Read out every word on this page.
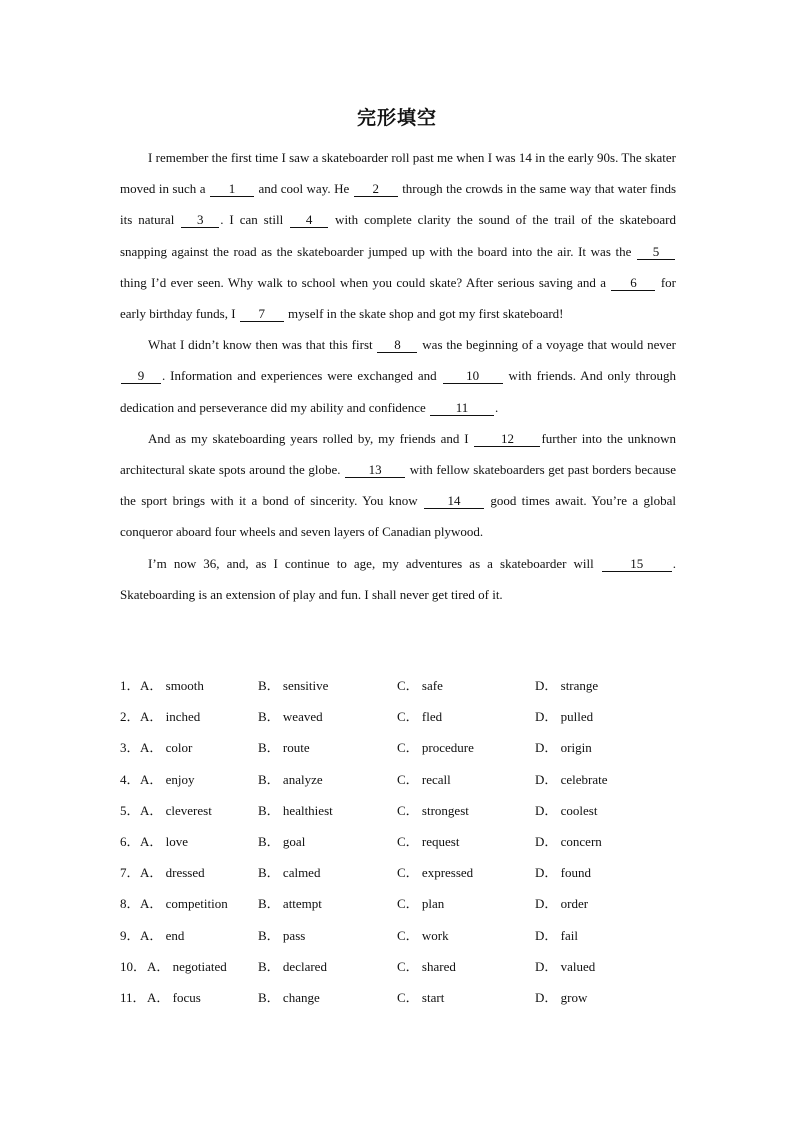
完形填空

I remember the first time I saw a skateboarder roll past me when I was 14 in the early 90s. The skater moved in such a 1 and cool way. He 2 through the crowds in the same way that water finds its natural 3 . I can still 4 with complete clarity the sound of the trail of the skateboard snapping against the road as the skateboarder jumped up with the board into the air. It was the 5 thing I’d ever seen. Why walk to school when you could skate? After serious saving and a 6 for early birthday funds, I 7 myself in the skate shop and got my first skateboard!

What I didn’t know then was that this first 8 was the beginning of a voyage that would never 9 . Information and experiences were exchanged and 10 with friends. And only through dedication and perseverance did my ability and confidence 11 .

And as my skateboarding years rolled by, my friends and I 12 further into the unknown architectural skate spots around the globe. 13 with fellow skateboarders get past borders because the sport brings with it a bond of sincerity. You know 14 good times await. You’re a global conqueror aboard four wheels and seven layers of Canadian plywood.

I’m now 36, and, as I continue to age, my adventures as a skateboarder will 15 . Skateboarding is an extension of play and fun. I shall never get tired of it.

1． A． smooth	B． sensitive	C． safe	D． strange
2． A． inched	B． weaved	C． fled	D． pulled
3． A． color	B． route	C． procedure	D． origin
4． A． enjoy	B． analyze	C． recall	D． celebrate
5． A． cleverest	B． healthiest	C． strongest	D． coolest
6． A． love	B． goal	C． request	D． concern
7． A． dressed	B． calmed	C． expressed	D． found
8． A． competition B． attempt	C． plan	D． order
9． A． end	B． pass	C． work	D． fail
10． A． negotiated B． declared	C． shared	D． valued
11． A． focus	B． change	C． start	D． grow
